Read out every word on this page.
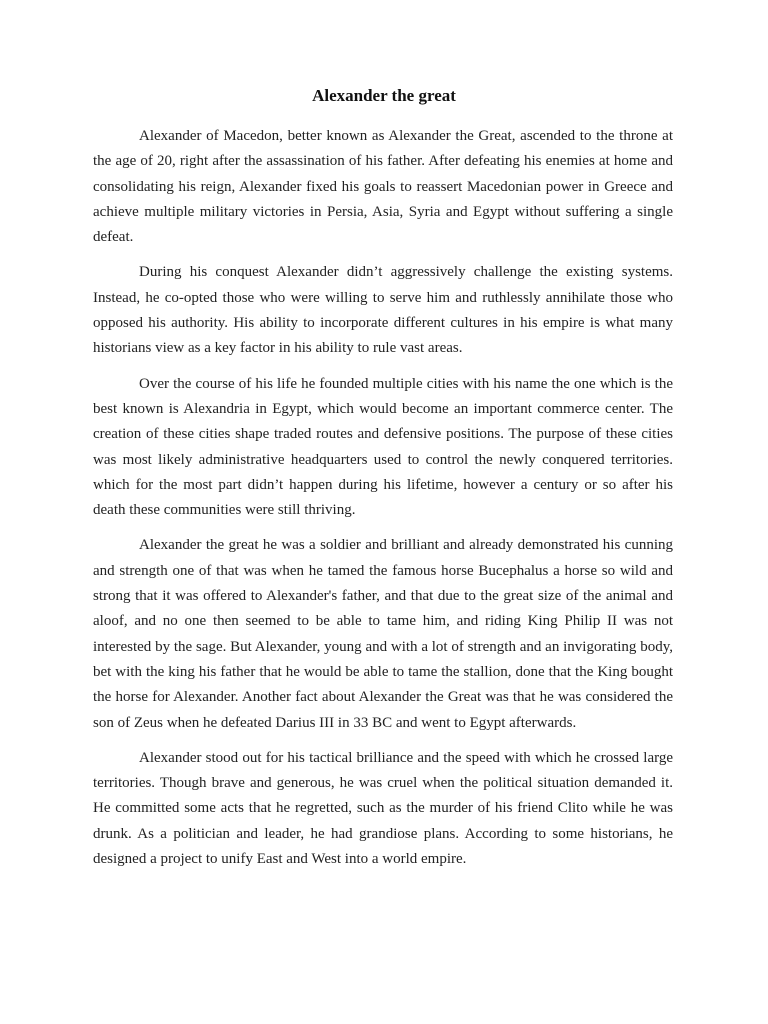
Alexander the great

Alexander of Macedon, better known as Alexander the Great, ascended to the throne at the age of 20, right after the assassination of his father. After defeating his enemies at home and consolidating his reign, Alexander fixed his goals to reassert Macedonian power in Greece and achieve multiple military victories in Persia, Asia, Syria and Egypt without suffering a single defeat.

During his conquest Alexander didn’t aggressively challenge the existing systems. Instead, he co-opted those who were willing to serve him and ruthlessly annihilate those who opposed his authority. His ability to incorporate different cultures in his empire is what many historians view as a key factor in his ability to rule vast areas.

Over the course of his life he founded multiple cities with his name the one which is the best known is Alexandria in Egypt, which would become an important commerce center. The creation of these cities shape traded routes and defensive positions. The purpose of these cities was most likely administrative headquarters used to control the newly conquered territories. which for the most part didn’t happen during his lifetime, however a century or so after his death these communities were still thriving.

Alexander the great he was a soldier and brilliant and already demonstrated his cunning and strength one of that was when he tamed the famous horse Bucephalus a horse so wild and strong that it was offered to Alexander's father, and that due to the great size of the animal and aloof, and no one then seemed to be able to tame him, and riding King Philip II was not interested by the sage. But Alexander, young and with a lot of strength and an invigorating body, bet with the king his father that he would be able to tame the stallion, done that the King bought the horse for Alexander. Another fact about Alexander the Great was that he was considered the son of Zeus when he defeated Darius III in 33 BC and went to Egypt afterwards.

Alexander stood out for his tactical brilliance and the speed with which he crossed large territories. Though brave and generous, he was cruel when the political situation demanded it. He committed some acts that he regretted, such as the murder of his friend Clito while he was drunk. As a politician and leader, he had grandiose plans. According to some historians, he designed a project to unify East and West into a world empire.
